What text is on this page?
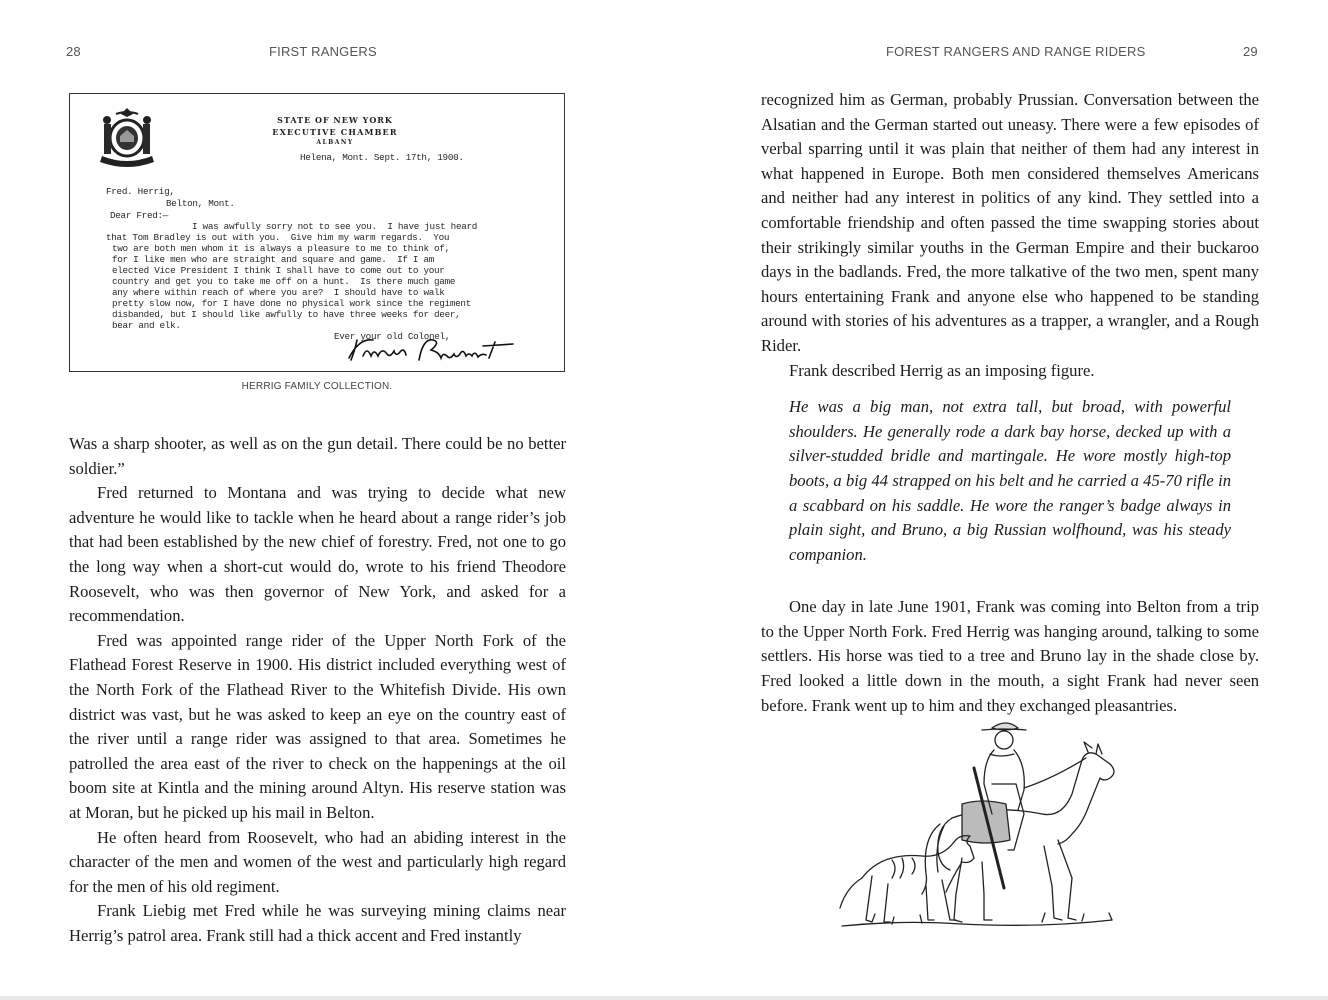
28	FIRST RANGERS
STATE OF NEW YORK
EXECUTIVE CHAMBER
ALBANY
Helena, Mont. Sept. 17th, 1900.
Fred. Herrig,
Belton, Mont.
Dear Fred:—
I was awfully sorry not to see you.  I have just heard
that Tom Bradley is out with you.  Give him my warm regards.  You
two are both men whom it is always a pleasure to me to think of,
for I like men who are straight and square and game.  If I am
elected Vice President I think I shall have to come out to your
country and get you to take me off on a hunt.  Is there much game
any where within reach of where you are?  I should have to walk
pretty slow now, for I have done no physical work since the regiment
disbanded, but I should like awfully to have three weeks for deer,
bear and elk.
Ever your old Colonel,
HERRIG FAMILY COLLECTION.

Was a sharp shooter, as well as on the gun detail. There could be no better soldier.”

Fred returned to Montana and was trying to decide what new adventure he would like to tackle when he heard about a range rider’s job that had been established by the new chief of forestry. Fred, not one to go the long way when a short-cut would do, wrote to his friend Theodore Roosevelt, who was then governor of New York, and asked for a recommendation.

Fred was appointed range rider of the Upper North Fork of the Flathead Forest Reserve in 1900. His district included everything west of the North Fork of the Flathead River to the Whitefish Divide. His own district was vast, but he was asked to keep an eye on the country east of the river until a range rider was assigned to that area. Sometimes he patrolled the area east of the river to check on the happenings at the oil boom site at Kintla and the mining around Altyn. His reserve station was at Moran, but he picked up his mail in Belton.

He often heard from Roosevelt, who had an abiding interest in the character of the men and women of the west and particularly high regard for the men of his old regiment.

Frank Liebig met Fred while he was surveying mining claims near Herrig’s patrol area. Frank still had a thick accent and Fred instantly

FOREST RANGERS AND RANGE RIDERS	29

recognized him as German, probably Prussian. Conversation between the Alsatian and the German started out uneasy. There were a few episodes of verbal sparring until it was plain that neither of them had any interest in what happened in Europe. Both men considered themselves Americans and neither had any interest in politics of any kind. They settled into a comfortable friendship and often passed the time swapping stories about their strikingly similar youths in the German Empire and their buckaroo days in the badlands. Fred, the more talkative of the two men, spent many hours entertaining Frank and anyone else who happened to be standing around with stories of his adventures as a trapper, a wrangler, and a Rough Rider.

Frank described Herrig as an imposing figure.

He was a big man, not extra tall, but broad, with powerful shoulders. He generally rode a dark bay horse, decked up with a silver-studded bridle and martingale. He wore mostly high-top boots, a big 44 strapped on his belt and he carried a 45-70 rifle in a scabbard on his saddle. He wore the ranger’s badge always in plain sight, and Bruno, a big Russian wolfhound, was his steady companion.

One day in late June 1901, Frank was coming into Belton from a trip to the Upper North Fork. Fred Herrig was hanging around, talking to some settlers. His horse was tied to a tree and Bruno lay in the shade close by. Fred looked a little down in the mouth, a sight Frank had never seen before. Frank went up to him and they exchanged pleasantries.
